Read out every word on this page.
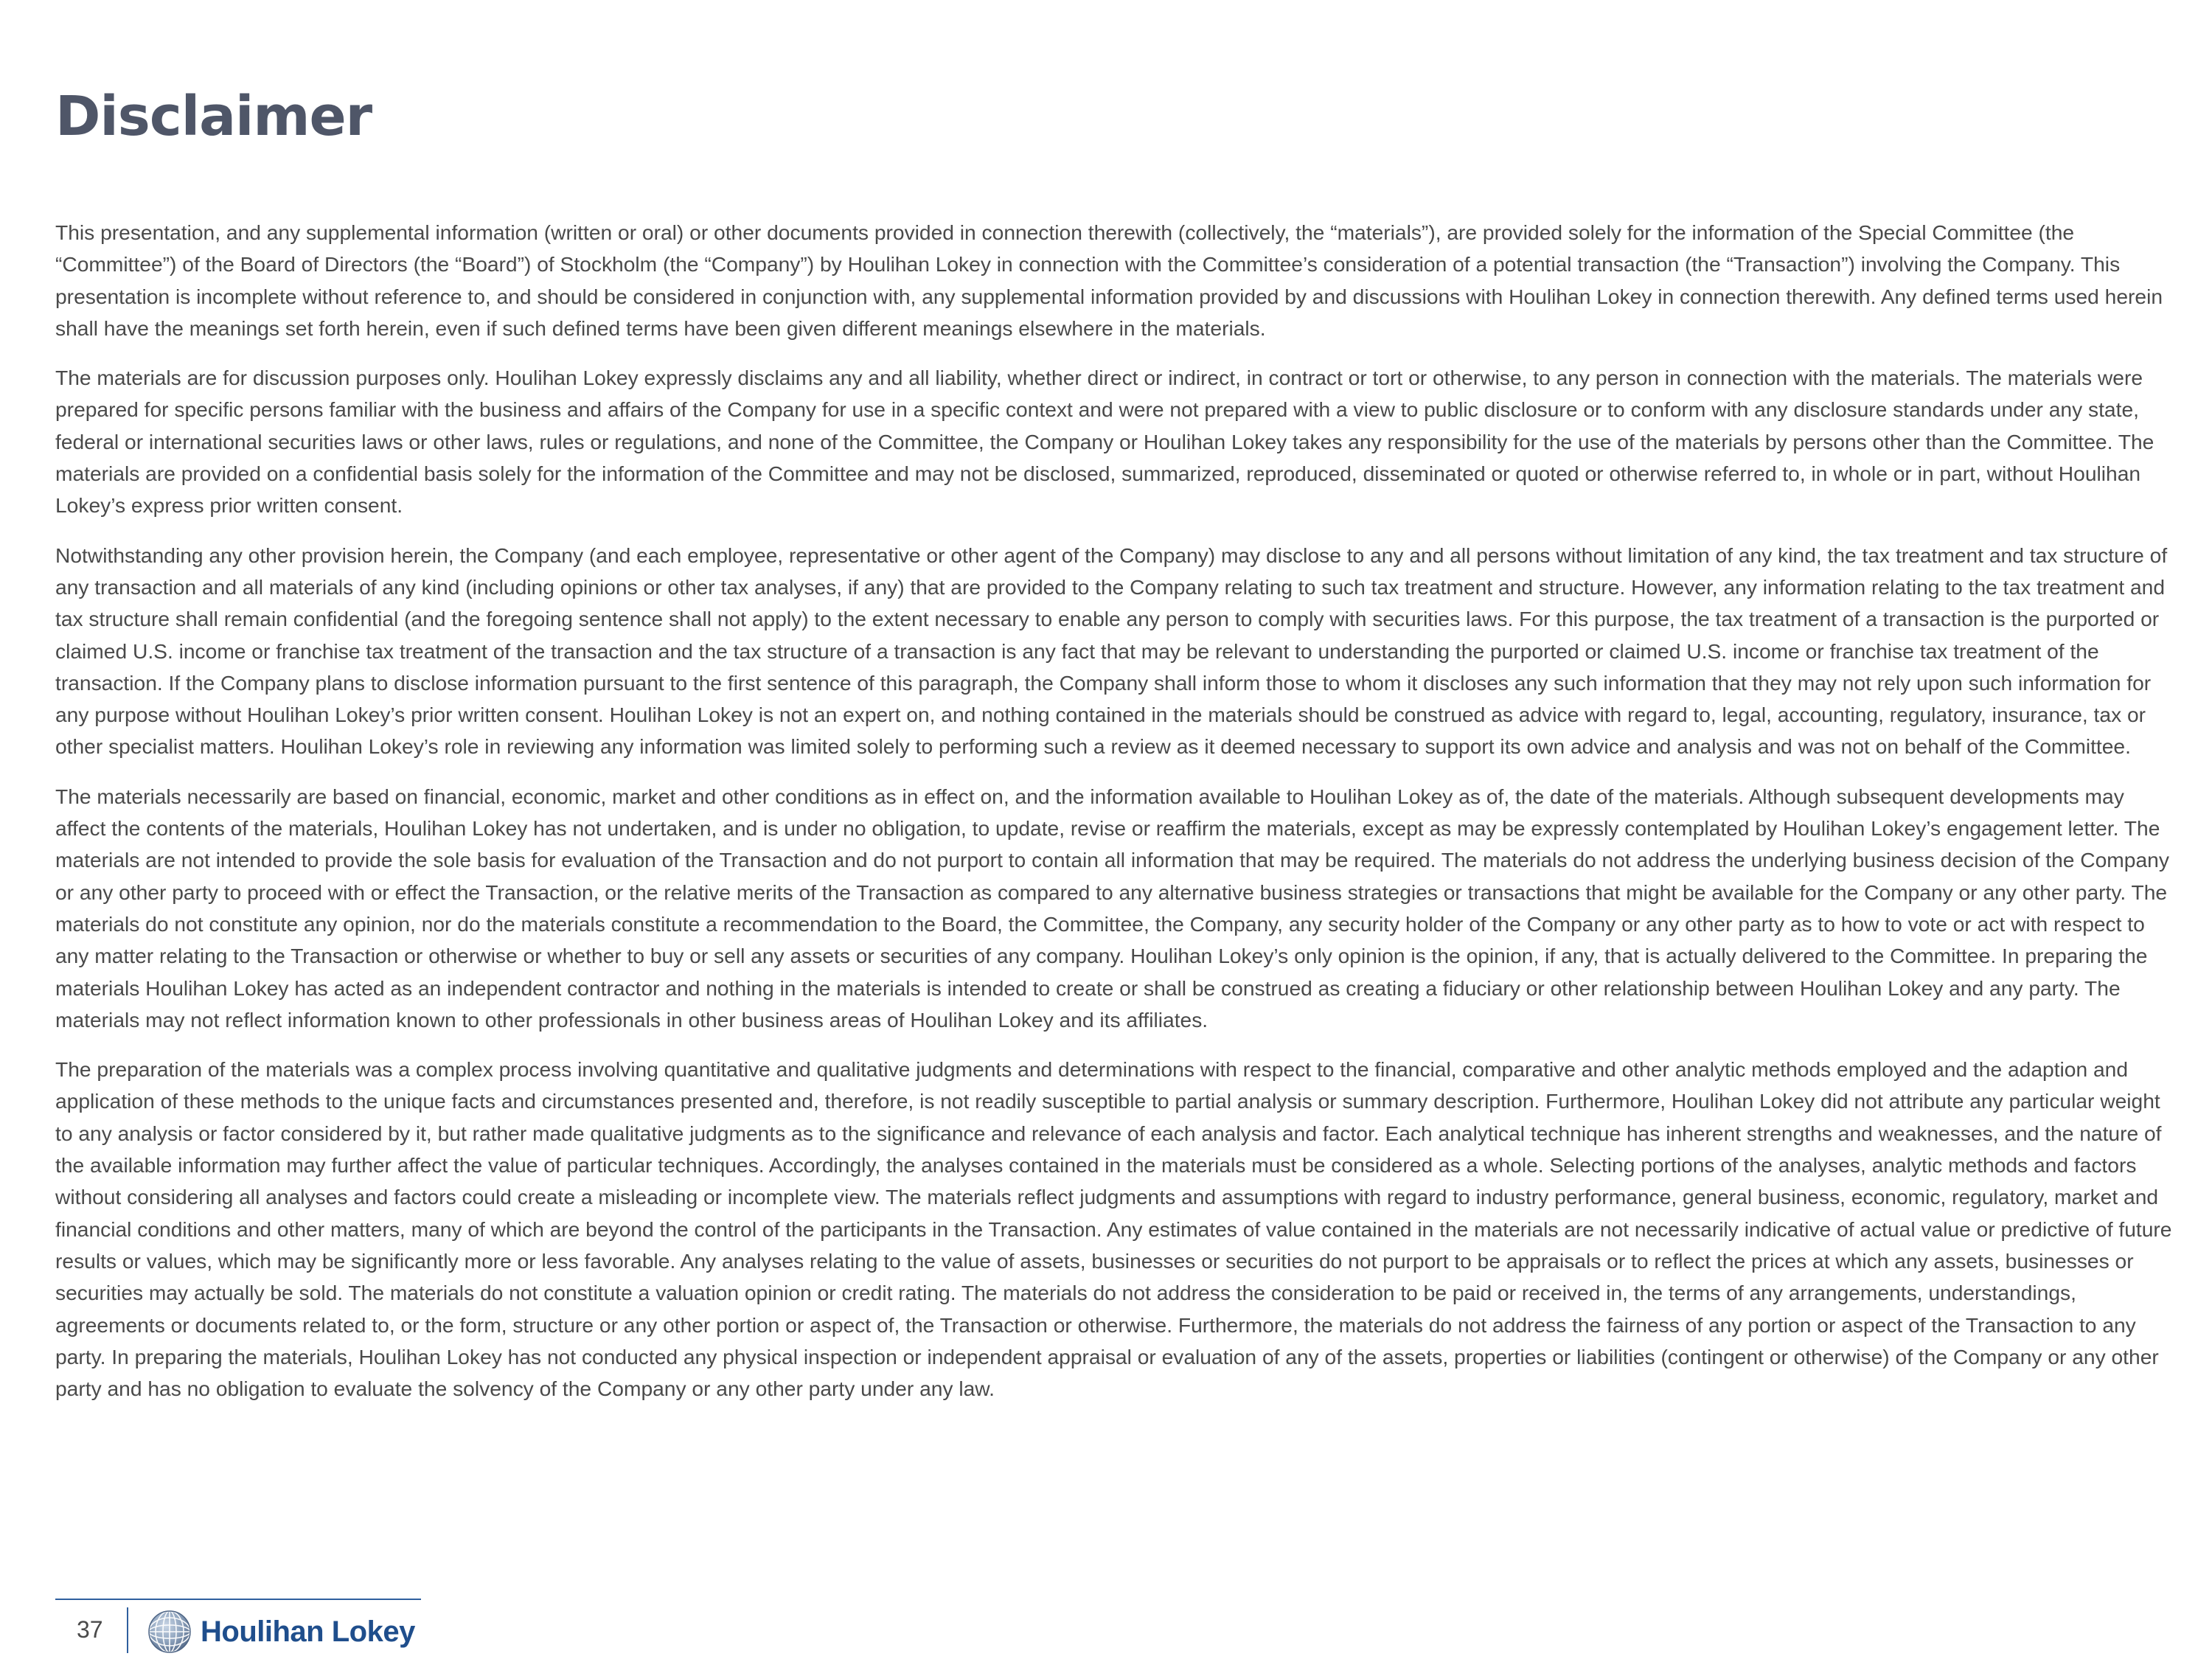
Disclaimer

This presentation, and any supplemental information (written or oral) or other documents provided in connection therewith (collectively, the “materials”), are provided solely for the information of the Special Committee (the “Committee”) of the Board of Directors (the “Board”) of Stockholm (the “Company”) by Houlihan Lokey in connection with the Committee’s consideration of a potential transaction (the “Transaction”) involving the Company. This presentation is incomplete without reference to, and should be considered in conjunction with, any supplemental information provided by and discussions with Houlihan Lokey in connection therewith. Any defined terms used herein shall have the meanings set forth herein, even if such defined terms have been given different meanings elsewhere in the materials.

The materials are for discussion purposes only. Houlihan Lokey expressly disclaims any and all liability, whether direct or indirect, in contract or tort or otherwise, to any person in connection with the materials. The materials were prepared for specific persons familiar with the business and affairs of the Company for use in a specific context and were not prepared with a view to public disclosure or to conform with any disclosure standards under any state, federal or international securities laws or other laws, rules or regulations, and none of the Committee, the Company or Houlihan Lokey takes any responsibility for the use of the materials by persons other than the Committee. The materials are provided on a confidential basis solely for the information of the Committee and may not be disclosed, summarized, reproduced, disseminated or quoted or otherwise referred to, in whole or in part, without Houlihan Lokey’s express prior written consent.

Notwithstanding any other provision herein, the Company (and each employee, representative or other agent of the Company) may disclose to any and all persons without limitation of any kind, the tax treatment and tax structure of any transaction and all materials of any kind (including opinions or other tax analyses, if any) that are provided to the Company relating to such tax treatment and structure. However, any information relating to the tax treatment and tax structure shall remain confidential (and the foregoing sentence shall not apply) to the extent necessary to enable any person to comply with securities laws. For this purpose, the tax treatment of a transaction is the purported or claimed U.S. income or franchise tax treatment of the transaction and the tax structure of a transaction is any fact that may be relevant to understanding the purported or claimed U.S. income or franchise tax treatment of the transaction. If the Company plans to disclose information pursuant to the first sentence of this paragraph, the Company shall inform those to whom it discloses any such information that they may not rely upon such information for any purpose without Houlihan Lokey’s prior written consent. Houlihan Lokey is not an expert on, and nothing contained in the materials should be construed as advice with regard to, legal, accounting, regulatory, insurance, tax or other specialist matters. Houlihan Lokey’s role in reviewing any information was limited solely to performing such a review as it deemed necessary to support its own advice and analysis and was not on behalf of the Committee.

The materials necessarily are based on financial, economic, market and other conditions as in effect on, and the information available to Houlihan Lokey as of, the date of the materials. Although subsequent developments may affect the contents of the materials, Houlihan Lokey has not undertaken, and is under no obligation, to update, revise or reaffirm the materials, except as may be expressly contemplated by Houlihan Lokey’s engagement letter. The materials are not intended to provide the sole basis for evaluation of the Transaction and do not purport to contain all information that may be required. The materials do not address the underlying business decision of the Company or any other party to proceed with or effect the Transaction, or the relative merits of the Transaction as compared to any alternative business strategies or transactions that might be available for the Company or any other party. The materials do not constitute any opinion, nor do the materials constitute a recommendation to the Board, the Committee, the Company, any security holder of the Company or any other party as to how to vote or act with respect to any matter relating to the Transaction or otherwise or whether to buy or sell any assets or securities of any company. Houlihan Lokey’s only opinion is the opinion, if any, that is actually delivered to the Committee. In preparing the materials Houlihan Lokey has acted as an independent contractor and nothing in the materials is intended to create or shall be construed as creating a fiduciary or other relationship between Houlihan Lokey and any party. The materials may not reflect information known to other professionals in other business areas of Houlihan Lokey and its affiliates.

The preparation of the materials was a complex process involving quantitative and qualitative judgments and determinations with respect to the financial, comparative and other analytic methods employed and the adaption and application of these methods to the unique facts and circumstances presented and, therefore, is not readily susceptible to partial analysis or summary description. Furthermore, Houlihan Lokey did not attribute any particular weight to any analysis or factor considered by it, but rather made qualitative judgments as to the significance and relevance of each analysis and factor. Each analytical technique has inherent strengths and weaknesses, and the nature of the available information may further affect the value of particular techniques. Accordingly, the analyses contained in the materials must be considered as a whole. Selecting portions of the analyses, analytic methods and factors without considering all analyses and factors could create a misleading or incomplete view. The materials reflect judgments and assumptions with regard to industry performance, general business, economic, regulatory, market and financial conditions and other matters, many of which are beyond the control of the participants in the Transaction. Any estimates of value contained in the materials are not necessarily indicative of actual value or predictive of future results or values, which may be significantly more or less favorable. Any analyses relating to the value of assets, businesses or securities do not purport to be appraisals or to reflect the prices at which any assets, businesses or securities may actually be sold. The materials do not constitute a valuation opinion or credit rating. The materials do not address the consideration to be paid or received in, the terms of any arrangements, understandings, agreements or documents related to, or the form, structure or any other portion or aspect of, the Transaction or otherwise. Furthermore, the materials do not address the fairness of any portion or aspect of the Transaction to any party. In preparing the materials, Houlihan Lokey has not conducted any physical inspection or independent appraisal or evaluation of any of the assets, properties or liabilities (contingent or otherwise) of the Company or any other party and has no obligation to evaluate the solvency of the Company or any other party under any law.

37	Houlihan Lokey
